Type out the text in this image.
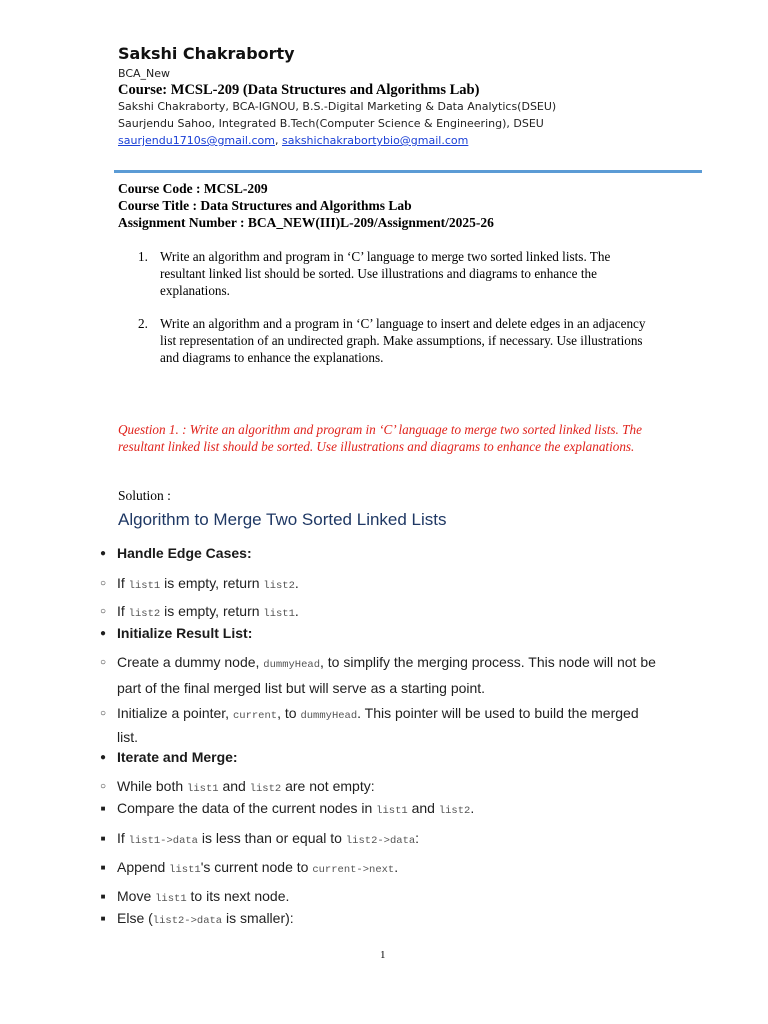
Sakshi Chakraborty
BCA_New
Course: MCSL-209 (Data Structures and Algorithms Lab)
Sakshi Chakraborty, BCA-IGNOU, B.S.-Digital Marketing & Data Analytics(DSEU)
Saurjendu Sahoo, Integrated B.Tech(Computer Science & Engineering), DSEU
saurjendu1710s@gmail.com, sakshichakrabortybio@gmail.com
Course Code : MCSL-209
Course Title : Data Structures and Algorithms Lab
Assignment Number : BCA_NEW(III)L-209/Assignment/2025-26
1. Write an algorithm and program in ‘C’ language to merge two sorted linked lists. The resultant linked list should be sorted. Use illustrations and diagrams to enhance the explanations.
2. Write an algorithm and a program in ‘C’ language to insert and delete edges in an adjacency list representation of an undirected graph. Make assumptions, if necessary. Use illustrations and diagrams to enhance the explanations.
Question 1. : Write an algorithm and program in ‘C’ language to merge two sorted linked lists. The resultant linked list should be sorted. Use illustrations and diagrams to enhance the explanations.
Solution :
Algorithm to Merge Two Sorted Linked Lists
● Handle Edge Cases:
○ If list1 is empty, return list2.
○ If list2 is empty, return list1.
● Initialize Result List:
○ Create a dummy node, dummyHead, to simplify the merging process. This node will not be part of the final merged list but will serve as a starting point.
○ Initialize a pointer, current, to dummyHead. This pointer will be used to build the merged list.
● Iterate and Merge:
○ While both list1 and list2 are not empty:
■ Compare the data of the current nodes in list1 and list2.
■ If list1->data is less than or equal to list2->data:
■ Append list1's current node to current->next.
■ Move list1 to its next node.
■ Else (list2->data is smaller):
1
